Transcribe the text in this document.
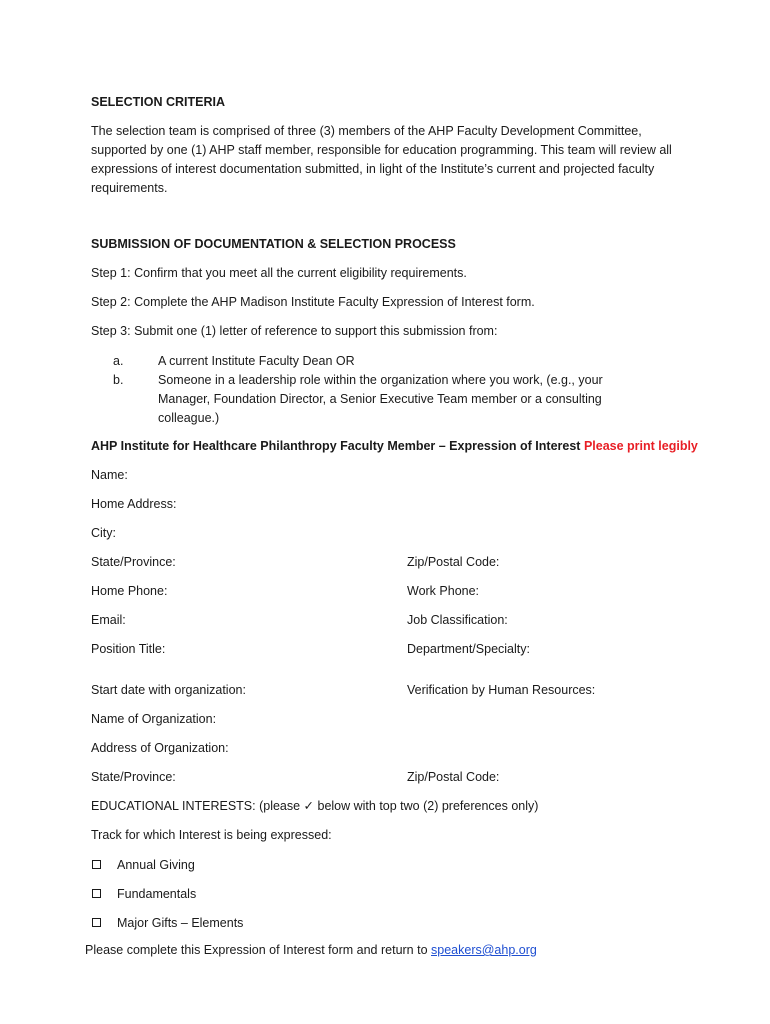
SELECTION CRITERIA
The selection team is comprised of three (3) members of the AHP Faculty Development Committee, supported by one (1) AHP staff member, responsible for education programming. This team will review all expressions of interest documentation submitted, in light of the Institute’s current and projected faculty requirements.
SUBMISSION OF DOCUMENTATION & SELECTION PROCESS
Step 1: Confirm that you meet all the current eligibility requirements.
Step 2: Complete the AHP Madison Institute Faculty Expression of Interest form.
Step 3: Submit one (1) letter of reference to support this submission from:
a.	A current Institute Faculty Dean OR
b.	Someone in a leadership role within the organization where you work, (e.g., your Manager, Foundation Director, a Senior Executive Team member or a consulting colleague.)
AHP Institute for Healthcare Philanthropy Faculty Member – Expression of Interest Please print legibly
Name:
Home Address:
City:
State/Province:	Zip/Postal Code:
Home Phone:	Work Phone:
Email:	Job Classification:
Position Title:	Department/Specialty:
Start date with organization:	Verification by Human Resources:
Name of Organization:
Address of Organization:
State/Province:	Zip/Postal Code:
EDUCATIONAL INTERESTS: (please ✓ below with top two (2) preferences only)
Track for which Interest is being expressed:
Annual Giving
Fundamentals
Major Gifts – Elements
Please complete this Expression of Interest form and return to speakers@ahp.org
